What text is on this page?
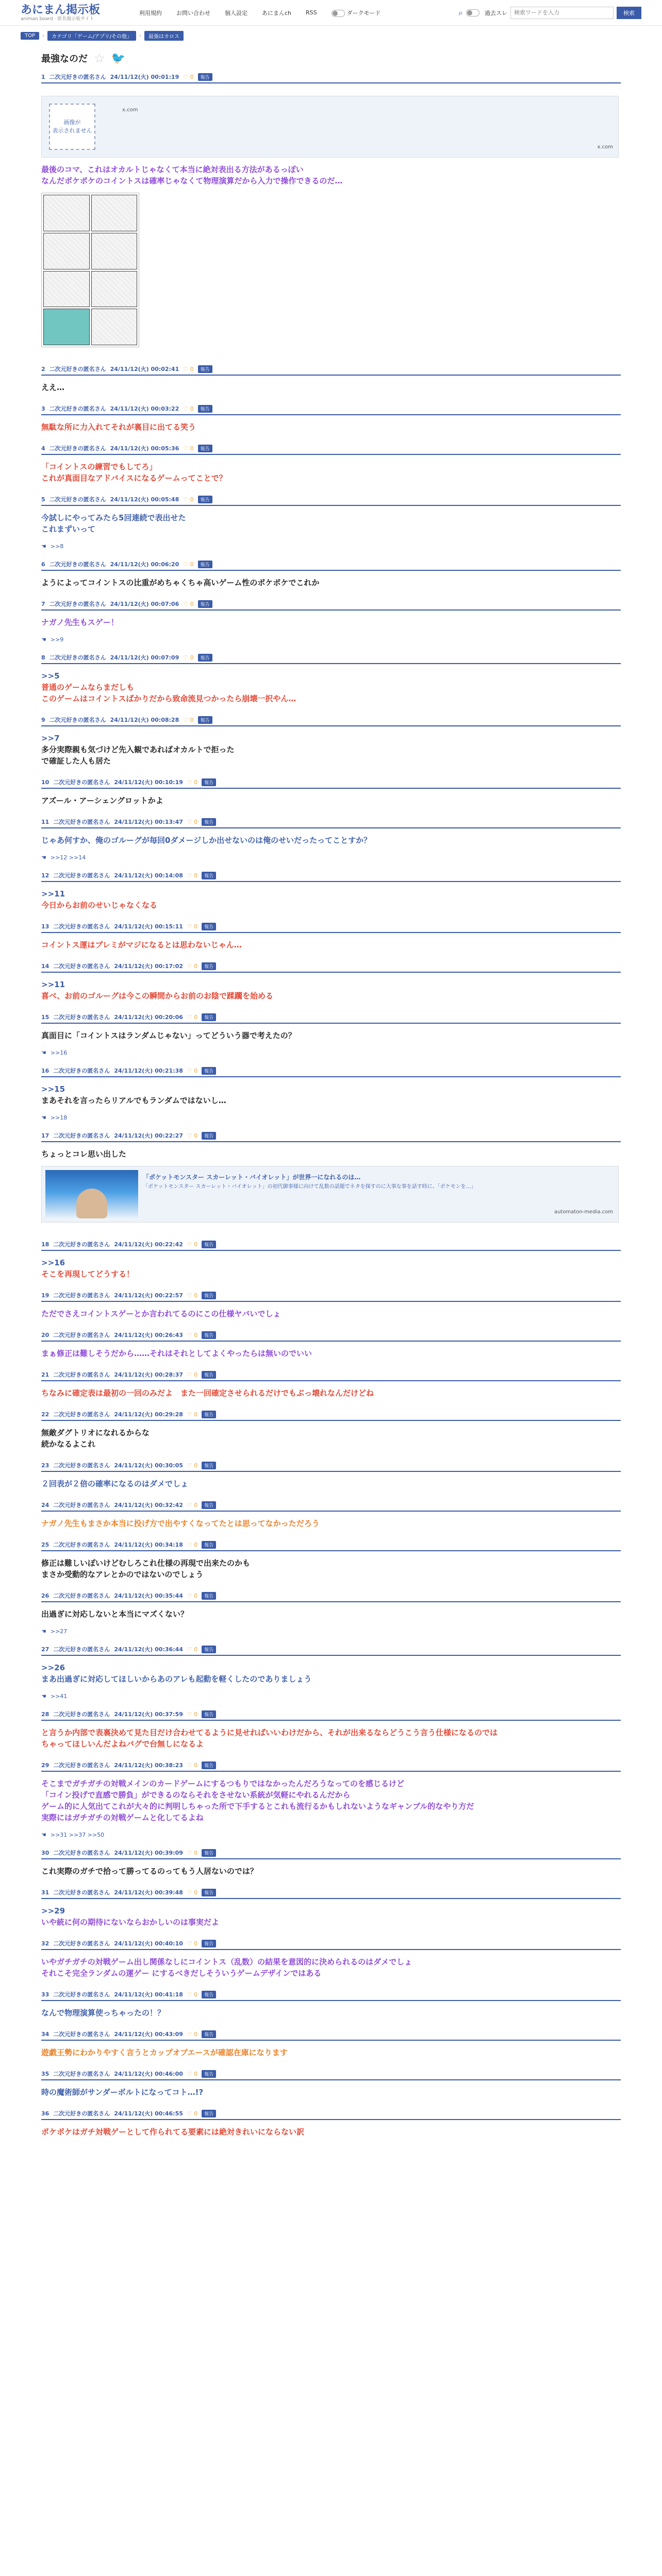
あにまん掲示板
animan board · 匿名掲示板サイト
利用規約	お問い合わせ	個人設定	あにまんch	RSS	ダークモード	⌕	過去スレ
検索ワードを入力	検索
TOP	›	カテゴリ「ゲーム/アプリ/その他」	›	最強はカロス
最強なのだ ☆ 🐦
1 二次元好きの匿名さん 24/11/12(火) 00:01:19 ♡ 0	報告
画像が
表示されません
x.com
x.com
最後のコマ、これはオカルトじゃなくて本当に絶対表出る方法があるっぽい
なんだポケポケのコイントスは確率じゃなくて物理演算だから入力で操作できるのだ…
2 二次元好きの匿名さん 24/11/12(火) 00:02:41 ♡ 0	報告
ええ…
3 二次元好きの匿名さん 24/11/12(火) 00:03:22 ♡ 0	報告
無駄な所に力入れてそれが裏目に出てる笑う
4 二次元好きの匿名さん 24/11/12(火) 00:05:36 ♡ 0	報告
「コイントスの練習でもしてろ」
これが真面目なアドバイスになるゲームってことで？
5 二次元好きの匿名さん 24/11/12(火) 00:05:48 ♡ 0	報告
今試しにやってみたら5回連続で表出せた
これまずいって
☚ >>8
6 二次元好きの匿名さん 24/11/12(火) 00:06:20 ♡ 0	報告
ようによってコイントスの比重がめちゃくちゃ高いゲーム性のポケポケでこれか
7 二次元好きの匿名さん 24/11/12(火) 00:07:06 ♡ 0	報告
ナガノ先生もスゲー！
☚ >>9
8 二次元好きの匿名さん 24/11/12(火) 00:07:09 ♡ 0	報告
>>5
普通のゲームならまだしも
このゲームはコイントスばかりだから致命流見つかったら崩壊一択やん…
9 二次元好きの匿名さん 24/11/12(火) 00:08:28 ♡ 0	報告
>>7
多分実際親も気づけど先入観であればオカルトで拒った
で確証した人も居た
10 二次元好きの匿名さん 24/11/12(火) 00:10:19 ♡ 0	報告
アズール・アーシェングロットかよ
11 二次元好きの匿名さん 24/11/12(火) 00:13:47 ♡ 0	報告
じゃあ何すか、俺のゴルーグが毎回0ダメージしか出せないのは俺のせいだったってことすか？
☚ >>12 >>14
12 二次元好きの匿名さん 24/11/12(火) 00:14:08 ♡ 0	報告
>>11
今日からお前のせいじゃなくなる
13 二次元好きの匿名さん 24/11/12(火) 00:15:11 ♡ 0	報告
コイントス運はプレミがマジになるとは思わないじゃん…
14 二次元好きの匿名さん 24/11/12(火) 00:17:02 ♡ 0	報告
>>11
喜べ、お前のゴルーグは今この瞬間からお前のお陰で蹂躙を始める
15 二次元好きの匿名さん 24/11/12(火) 00:20:06 ♡ 0	報告
真面目に「コイントスはランダムじゃない」ってどういう器で考えたの？
☚ >>16
16 二次元好きの匿名さん 24/11/12(火) 00:21:38 ♡ 0	報告
>>15
まあそれを言ったらリアルでもランダムではないし…
☚ >>18
17 二次元好きの匿名さん 24/11/12(火) 00:22:27 ♡ 0	報告
ちょっとコレ思い出した
「ポケットモンスター スカーレット・バイオレット」が世界一になれるのは…
「ポケットモンスター スカーレット・バイオレット」の初代御事様に向けて乱数の話題でネタを探すのに大事な事を話す時に、「ポケモンを…」
automaton-media.com
18 二次元好きの匿名さん 24/11/12(火) 00:22:42 ♡ 0	報告
>>16
そこを再現してどうする！
19 二次元好きの匿名さん 24/11/12(火) 00:22:57 ♡ 0	報告
ただでさえコイントスゲーとか言われてるのにこの仕様ヤバいでしょ
20 二次元好きの匿名さん 24/11/12(火) 00:26:43 ♡ 0	報告
まぁ修正は難しそうだから……それはそれとしてよくやったらは無いのでいい
21 二次元好きの匿名さん 24/11/12(火) 00:28:37 ♡ 0	報告
ちなみに確定表は最初の一回のみだよ　また一回確定させられるだけでもぶっ壊れなんだけどね
22 二次元好きの匿名さん 24/11/12(火) 00:29:28 ♡ 0	報告
無敵ダグトリオになれるからな
続かなるよこれ
23 二次元好きの匿名さん 24/11/12(火) 00:30:05 ♡ 0	報告
２回表が２倍の確率になるのはダメでしょ
24 二次元好きの匿名さん 24/11/12(火) 00:32:42 ♡ 0	報告
ナガノ先生もまさか本当に投げ方で出やすくなってたとは思ってなかっただろう
25 二次元好きの匿名さん 24/11/12(火) 00:34:18 ♡ 0	報告
修正は難しいぽいけどむしろこれ仕様の再現で出来たのかも
まさか受動的なアレとかのではないのでしょう
26 二次元好きの匿名さん 24/11/12(火) 00:35:44 ♡ 0	報告
出過ぎに対応しないと本当にマズくない？
☚ >>27
27 二次元好きの匿名さん 24/11/12(火) 00:36:44 ♡ 0	報告
>>26
まあ出過ぎに対応してほしいからあのアレも起動を軽くしたのでありましょう
☚ >>41
28 二次元好きの匿名さん 24/11/12(火) 00:37:59 ♡ 0	報告
と言うか内部で表裏決めて見た目だけ合わせてるように見せればいいわけだから、それが出来るならどうこう言う仕様になるのでは
ちゃってほしいんだよねバグで台無しになるよ
29 二次元好きの匿名さん 24/11/12(火) 00:38:23 ♡ 0	報告
そこまでガチガチの対戦メインのカードゲームにするつもりではなかったんだろうなってのを感じるけど
「コイン投げで直感で勝負」ができるのならそれをさせない系統が気軽にやれるんだから
ゲーム的に人気出てこれが大々的に判明しちゃった所で下手するとこれも流行るかもしれないようなギャンブル的なやり方だ
実際にはガチガチの対戦ゲームと化してるよね
☚ >>31 >>37 >>50
30 二次元好きの匿名さん 24/11/12(火) 00:39:09 ♡ 0	報告
これ実際のガチで拾って勝ってるのってもう人居ないのでは？
31 二次元好きの匿名さん 24/11/12(火) 00:39:48 ♡ 0	報告
>>29
いや統に何の期待にないならおかしいのは事実だよ
32 二次元好きの匿名さん 24/11/12(火) 00:40:10 ♡ 0	報告
いやガチガチの対戦ゲーム出し関係なしにコイントス（乱数）の結果を意図的に決められるのはダメでしょ
それこそ完全ランダムの運ゲー にするべきだしそういうゲームデザインではある
33 二次元好きの匿名さん 24/11/12(火) 00:41:18 ♡ 0	報告
なんで物理演算使っちゃったの！？
34 二次元好きの匿名さん 24/11/12(火) 00:43:09 ♡ 0	報告
遊戯王勢にわかりやすく言うとカップオブエースが確認在庫になります
35 二次元好きの匿名さん 24/11/12(火) 00:46:00 ♡ 0	報告
時の魔術師がサンダーボルトになってコト…!?
36 二次元好きの匿名さん 24/11/12(火) 00:46:55 ♡ 0	報告
ポケポケはガチ対戦ゲーとして作られてる要素には絶対きれいにならない訳
